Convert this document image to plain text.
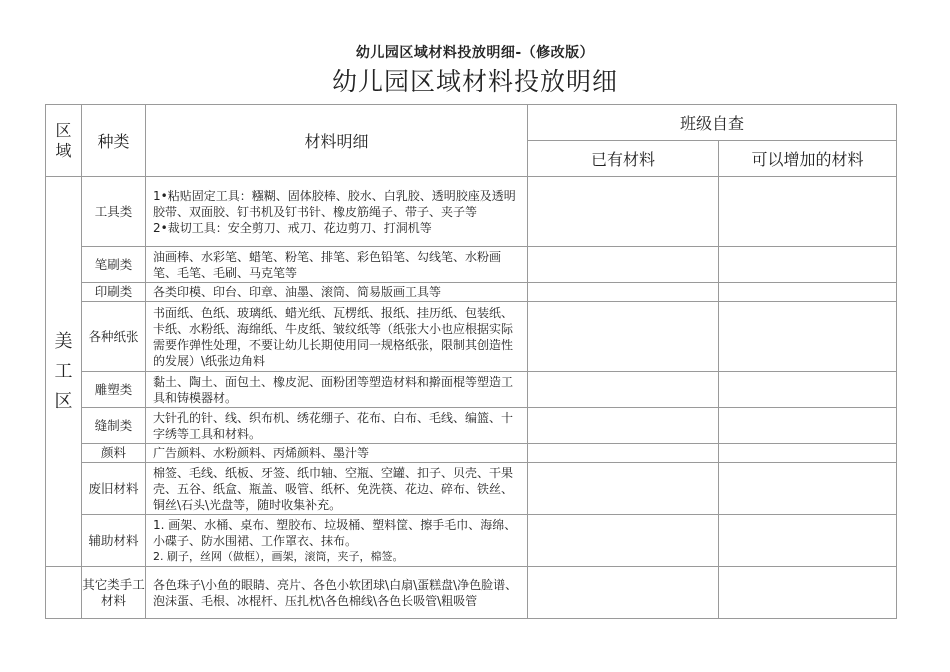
幼儿园区域材料投放明细-（修改版）
幼儿园区域材料投放明细
区域	种类	材料明细	班级自查	
			已有材料	可以增加的材料

美工区	工具类	1•粘贴固定工具：糨糊、固体胶棒、胶水、白乳胶、透明胶座及透明胶带、双面胶、钉书机及钉书针、橡皮筋绳子、带子、夹子等

2•裁切工具：安全剪刀、戒刀、花边剪刀、打洞机等		

	笔刷类	油画棒、水彩笔、蜡笔、粉笔、排笔、彩色铅笔、勾线笔、水粉画笔、毛笔、毛刷、马克笔等		

	印刷类	各类印模、印台、印章、油墨、滚筒、简易版画工具等		

	各种纸张	书面纸、色纸、玻璃纸、蜡光纸、瓦楞纸、报纸、挂历纸、包装纸、卡纸、水粉纸、海绵纸、牛皮纸、皱纹纸等（纸张大小也应根据实际需要作弹性处理，不要让幼儿长期使用同一规格纸张，限制其创造性的发展）\纸张边角料		

	雕塑类	黏土、陶土、面包土、橡皮泥、面粉团等塑造材料和擀面棍等塑造工具和铸模器材。		

	缝制类	大针孔的针、线、织布机、绣花绷子、花布、白布、毛线、编篮、十字绣等工具和材料。		

	颜料	广告颜料、水粉颜料、丙烯颜料、墨汁等		

	废旧材料	棉签、毛线、纸板、牙签、纸巾轴、空瓶、空罐、扣子、贝壳、干果壳、五谷、纸盒、瓶盖、吸管、纸杯、免洗筷、花边、碎布、铁丝、铜丝\石头\光盘等，随时收集补充。		

	辅助材料	1. 画架、水桶、桌布、塑胶布、垃圾桶、塑料筐、擦手毛巾、海绵、小碟子、防水围裙、工作罩衣、抹布。

2. 刷子，丝网（做框），画架，滚筒，夹子，棉签。		

	其它类手工材料	各色珠子\小鱼的眼睛、亮片、各色小软团球\白扇\蛋糕盘\净色脸谱、泡沫蛋、毛根、冰棍杆、压扎枕\各色棉线\各色长吸管\粗吸管		
